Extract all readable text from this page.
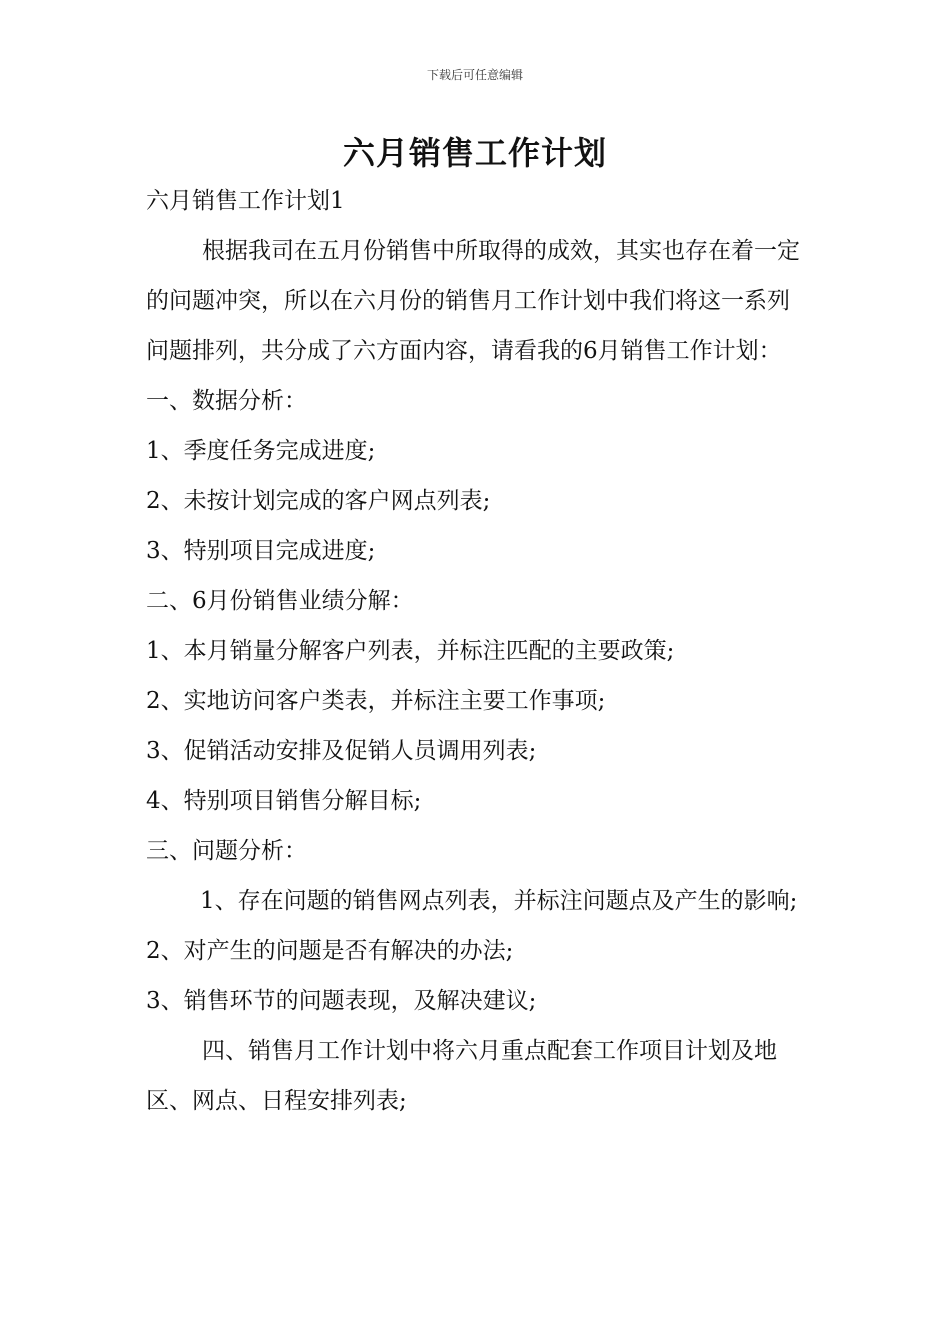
下载后可任意编辑
六月销售工作计划

六月销售工作计划1

根据我司在五月份销售中所取得的成效，其实也存在着一定的问题冲突，所以在六月份的销售月工作计划中我们将这一系列问题排列，共分成了六方面内容，请看我的6月销售工作计划：

一、数据分析：

1、季度任务完成进度;

2、未按计划完成的客户网点列表;

3、特别项目完成进度;

二、6月份销售业绩分解：

1、本月销量分解客户列表，并标注匹配的主要政策;

2、实地访问客户类表，并标注主要工作事项;

3、促销活动安排及促销人员调用列表;

4、特别项目销售分解目标;

三、问题分析：

1、存在问题的销售网点列表，并标注问题点及产生的影响;

2、对产生的问题是否有解决的办法;

3、销售环节的问题表现，及解决建议;

四、销售月工作计划中将六月重点配套工作项目计划及地区、网点、日程安排列表;
